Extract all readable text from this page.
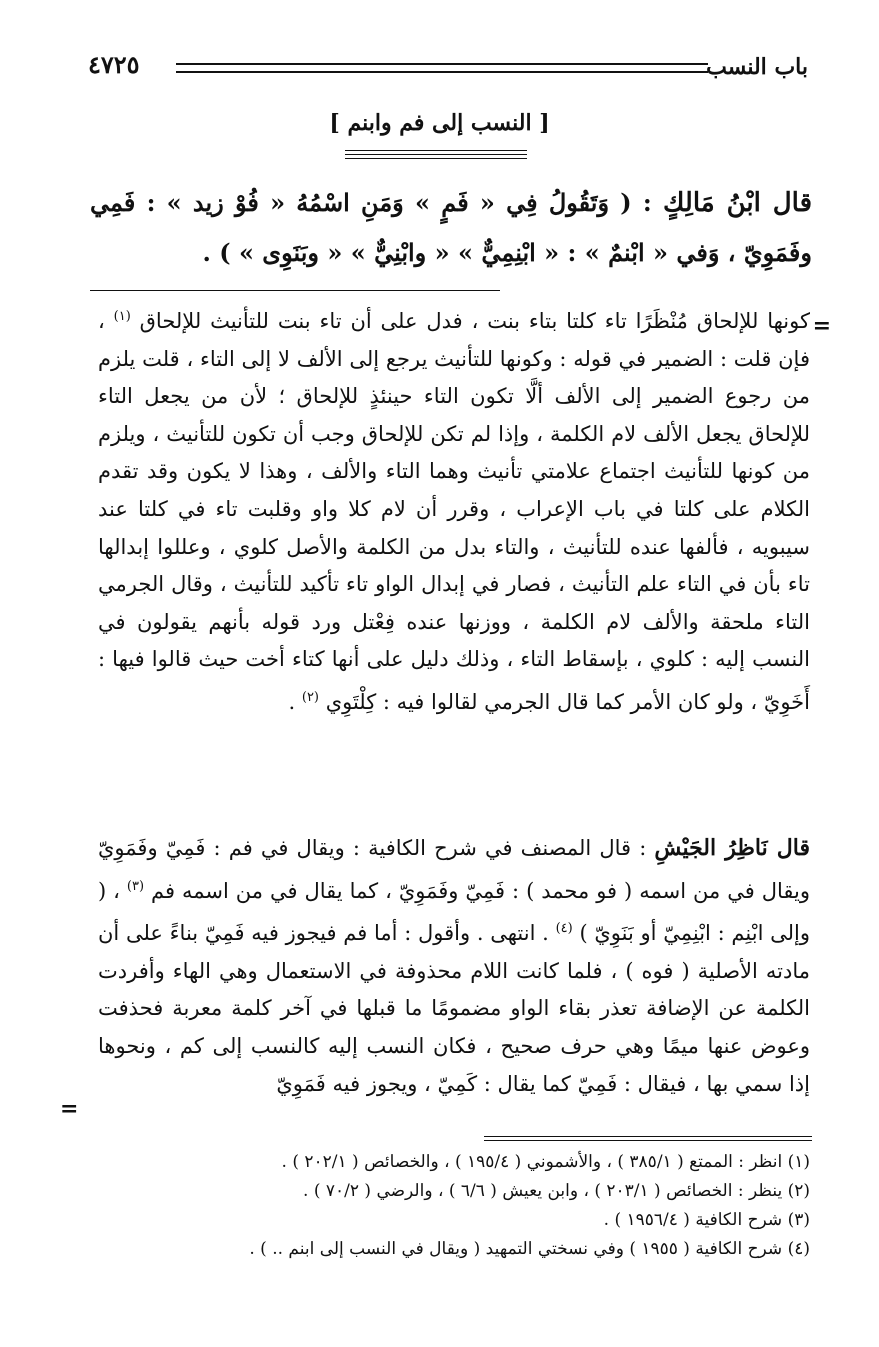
باب النسب
٤٧٢٥
[ النسب إلى فم وابنم ]
قال ابْنُ مَالِكٍ : ( وَتَقُولُ فِي « فَمٍ » وَمَنِ اسْمُهُ « فُوْ زيد » : فَمِي وفَمَوِيّ ، وَفي « ابْنمٌ » : « ابْنِمِيٌّ » « وابْنِيٌّ » « وبَنَوِى » ) .
=

كونها للإلحاق مُنْظَرًا تاء كلتا بتاء بنت ، فدل على أن تاء بنت للتأنيث للإلحاق $^{(١)}$ ، فإن قلت : الضمير في قوله : وكونها للتأنيث يرجع إلى الألف لا إلى التاء ، قلت يلزم من رجوع الضمير إلى الألف ألَّا تكون التاء حينئذٍ للإلحاق ؛ لأن من يجعل التاء للإلحاق يجعل الألف لام الكلمة ، وإذا لم تكن للإلحاق وجب أن تكون للتأنيث ، ويلزم من كونها للتأنيث اجتماع علامتي تأنيث وهما التاء والألف ، وهذا لا يكون وقد تقدم الكلام على كلتا في باب الإعراب ، وقرر أن لام كلا واو وقلبت تاء في كلتا عند سيبويه ، فألفها عنده للتأنيث ، والتاء بدل من الكلمة والأصل كلوي ، وعللوا إبدالها تاء بأن في التاء علم التأنيث ، فصار في إبدال الواو تاء تأكيد للتأنيث ، وقال الجرمي التاء ملحقة والألف لام الكلمة ، ووزنها عنده فِعْتل ورد قوله بأنهم يقولون في النسب إليه : كلوي ، بإسقاط التاء ، وذلك دليل على أنها كتاء أخت حيث قالوا فيها : أَخَوِيّ ، ولو كان الأمر كما قال الجرمي لقالوا فيه : كِلْتَوِي $^{(٢)}$ .

قال نَاظِرُ الجَيْشِ : قال المصنف في شرح الكافية : ويقال في فم : فَمِيّ وفَمَوِيّ ويقال في من اسمه ( فو محمد ) : فَمِيّ وفَمَوِيّ ، كما يقال في من اسمه فم $^{(٣)}$ ، ( وإلى ابْنِم : ابْنِمِيّ أو بَنَوِيّ ) $^{(٤)}$ . انتهى . وأقول : أما فم فيجوز فيه فَمِيّ بناءً على أن مادته الأصلية ( فوه ) ، فلما كانت اللام محذوفة في الاستعمال وهي الهاء وأفردت الكلمة عن الإضافة تعذر بقاء الواو مضمومًا ما قبلها في آخر كلمة معربة فحذفت وعوض عنها ميمًا وهي حرف صحيح ، فكان النسب إليه كالنسب إلى كم ، ونحوها إذا سمي بها ، فيقال : فَمِيّ كما يقال : كَمِيّ ، ويجوز فيه فَمَوِيّ

=

(١) انظر : الممتع ( ٣٨٥/١ ) ، والأشموني ( ١٩٥/٤ ) ، والخصائص ( ٢٠٢/١ ) .

(٢) ينظر : الخصائص ( ٢٠٣/١ ) ، وابن يعيش ( ٦/٦ ) ، والرضي ( ٧٠/٢ ) .

(٣) شرح الكافية ( ١٩٥٦/٤ ) .

(٤) شرح الكافية ( ١٩٥٥ ) وفي نسختي التمهيد ( ويقال في النسب إلى ابنم .. ) .
